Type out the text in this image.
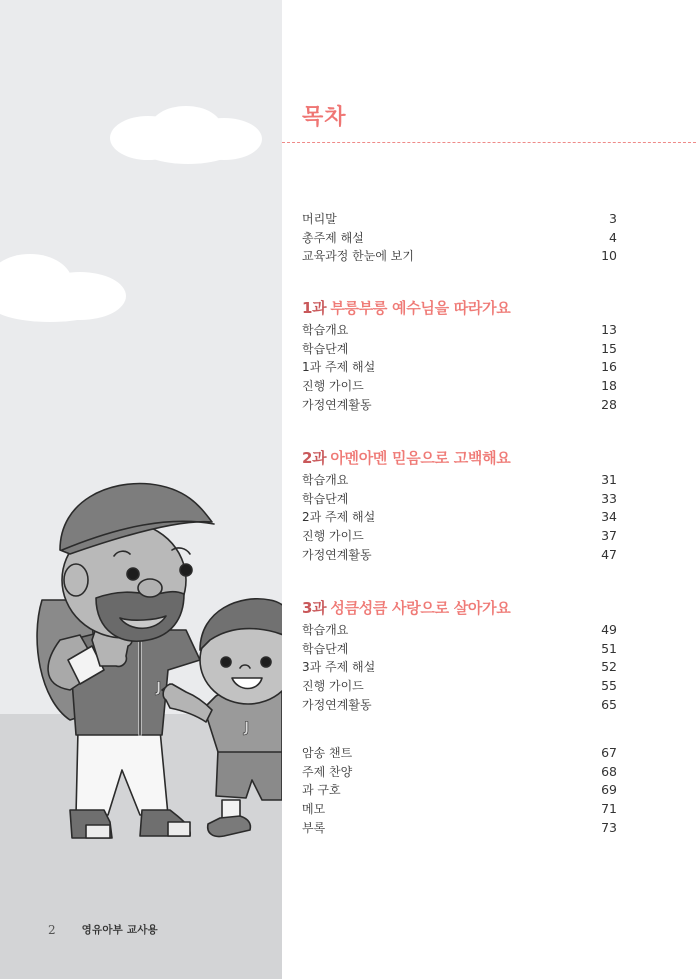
J
J
2 영유아부 교사용
목차
머리말	3
총주제 해설	4
교육과정 한눈에 보기	10
1과 부릉부릉 예수님을 따라가요
학습개요	13
학습단계	15
1과 주제 해설	16
진행 가이드	18
가정연계활동	28
2과 아멘아멘 믿음으로 고백해요
학습개요	31
학습단계	33
2과 주제 해설	34
진행 가이드	37
가정연계활동	47
3과 성큼성큼 사랑으로 살아가요
학습개요	49
학습단계	51
3과 주제 해설	52
진행 가이드	55
가정연계활동	65
암송 챈트	67
주제 찬양	68
과 구호	69
메모	71
부록	73
